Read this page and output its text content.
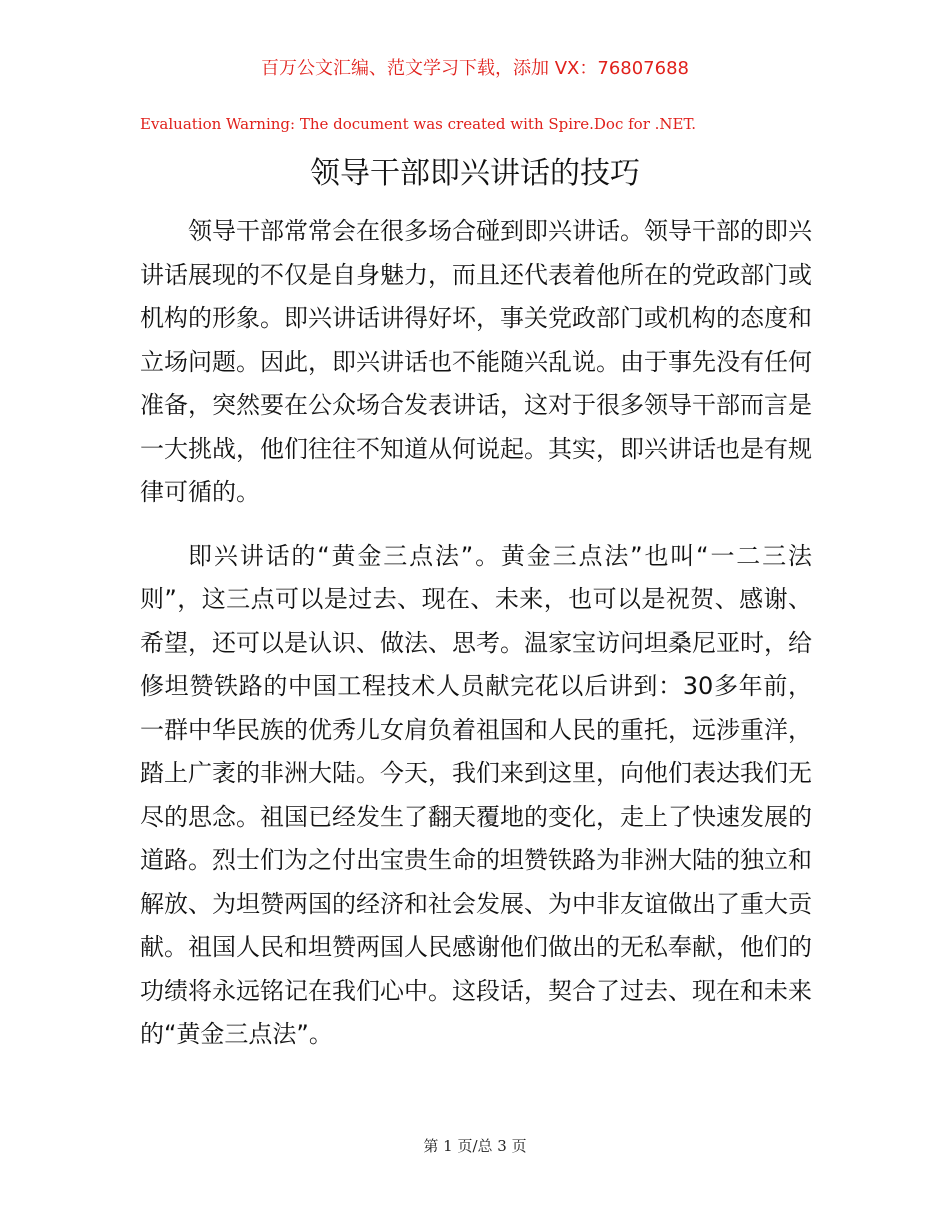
百万公文汇编、范文学习下载，添加 VX：76807688
Evaluation Warning: The document was created with Spire.Doc for .NET.
领导干部即兴讲话的技巧

领导干部常常会在很多场合碰到即兴讲话。领导干部的即兴讲话展现的不仅是自身魅力，而且还代表着他所在的党政部门或机构的形象。即兴讲话讲得好坏，事关党政部门或机构的态度和立场问题。因此，即兴讲话也不能随兴乱说。由于事先没有任何准备，突然要在公众场合发表讲话，这对于很多领导干部而言是一大挑战，他们往往不知道从何说起。其实，即兴讲话也是有规律可循的。

即兴讲话的“黄金三点法”。黄金三点法”也叫“一二三法则”，这三点可以是过去、现在、未来，也可以是祝贺、感谢、希望，还可以是认识、做法、思考。温家宝访问坦桑尼亚时，给修坦赞铁路的中国工程技术人员献完花以后讲到：30多年前，一群中华民族的优秀儿女肩负着祖国和人民的重托，远涉重洋，踏上广袤的非洲大陆。今天，我们来到这里，向他们表达我们无尽的思念。祖国已经发生了翻天覆地的变化，走上了快速发展的道路。烈士们为之付出宝贵生命的坦赞铁路为非洲大陆的独立和解放、为坦赞两国的经济和社会发展、为中非友谊做出了重大贡献。祖国人民和坦赞两国人民感谢他们做出的无私奉献，他们的功绩将永远铭记在我们心中。这段话，契合了过去、现在和未来的“黄金三点法”。

第 1 页/总 3 页
